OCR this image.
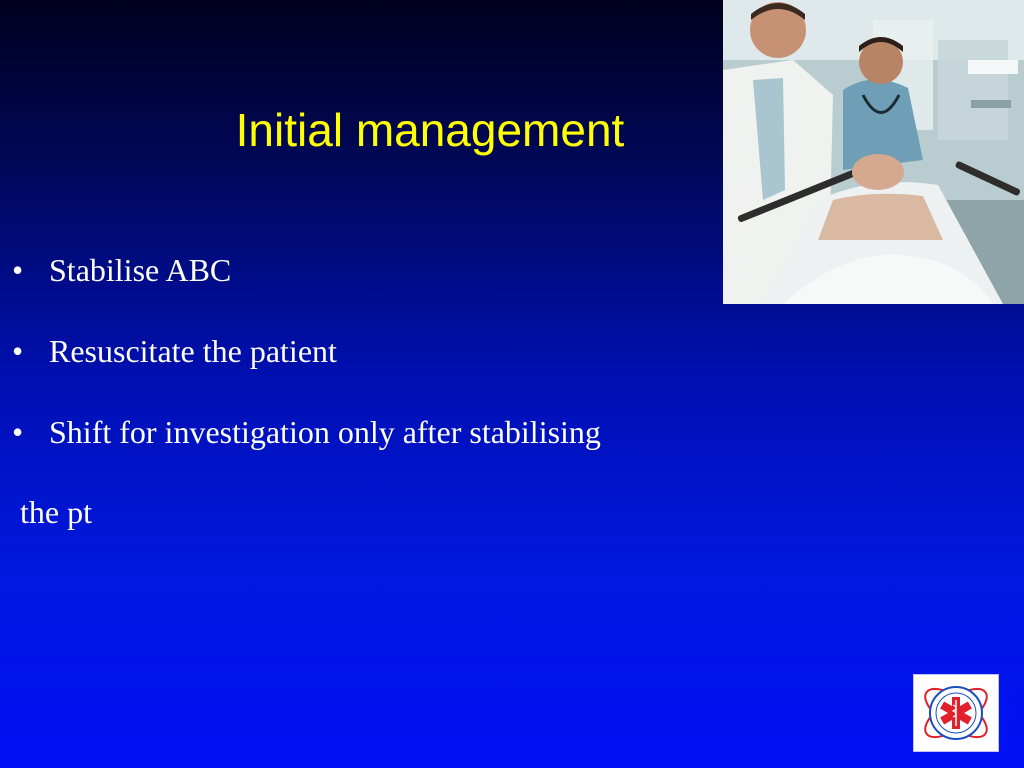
Initial management
• Stabilise ABC
• Resuscitate the patient
• Shift for investigation only after stabilising
the pt
